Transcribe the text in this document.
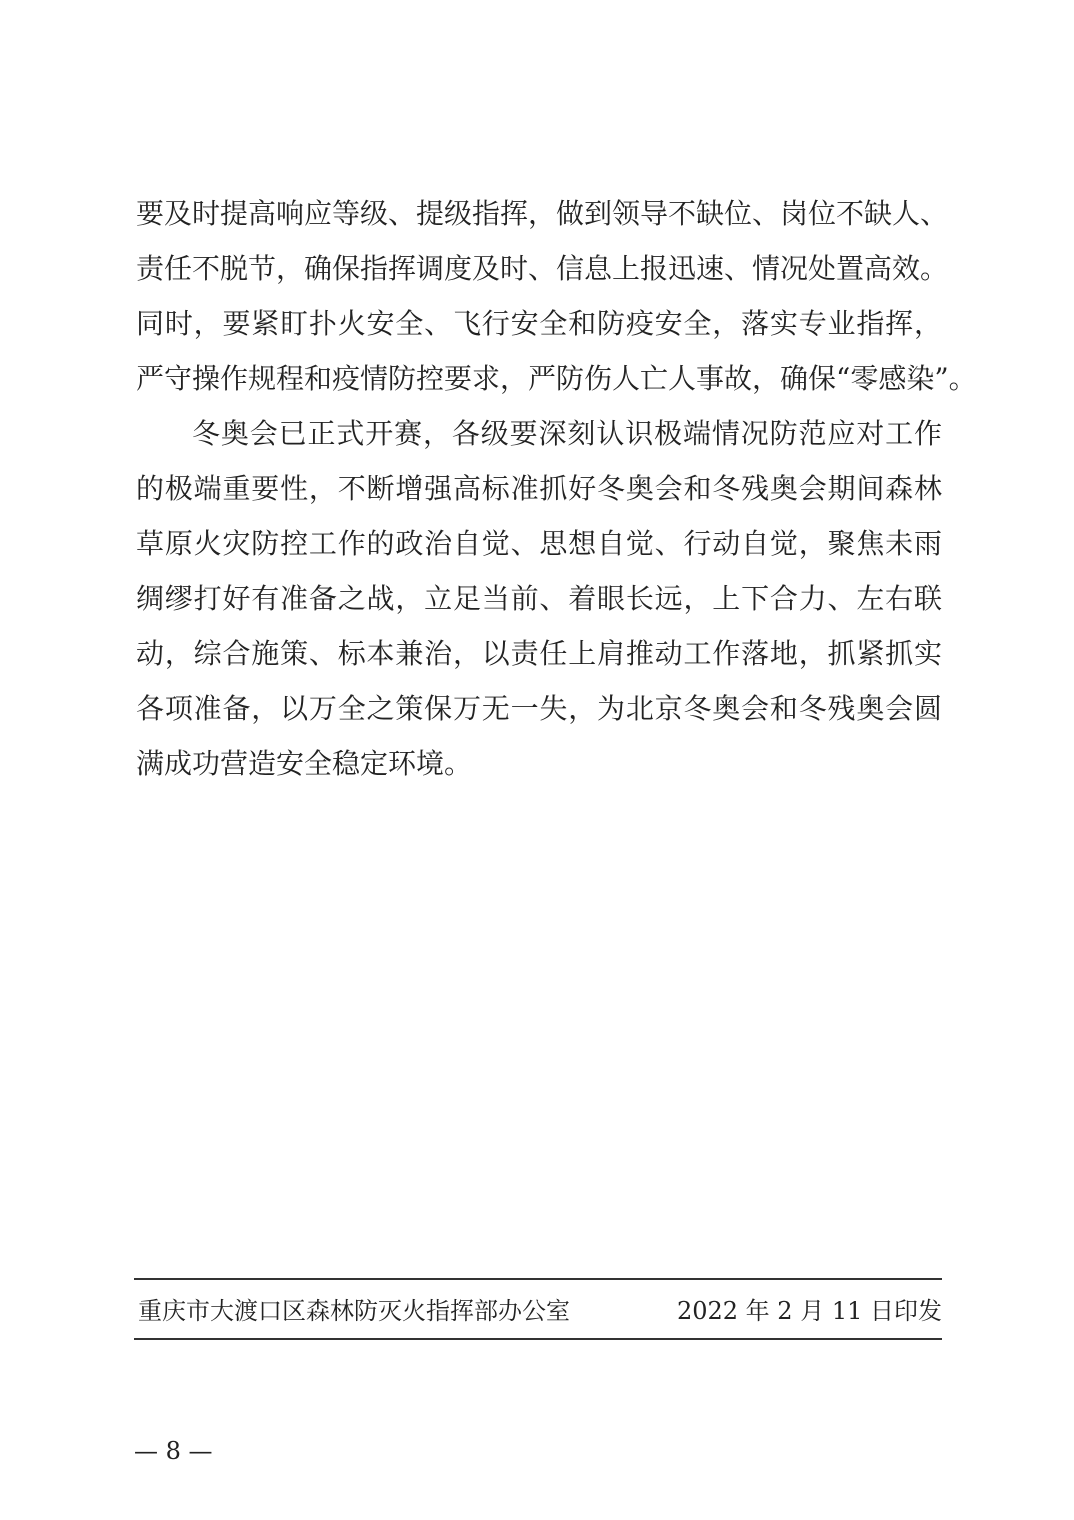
要及时提高响应等级、提级指挥，做到领导不缺位、岗位不缺人、
责任不脱节，确保指挥调度及时、信息上报迅速、情况处置高效。
同时，要紧盯扑火安全、飞行安全和防疫安全，落实专业指挥，
严守操作规程和疫情防控要求，严防伤人亡人事故，确保“零感染”。
冬奥会已正式开赛，各级要深刻认识极端情况防范应对工作
的极端重要性，不断增强高标准抓好冬奥会和冬残奥会期间森林
草原火灾防控工作的政治自觉、思想自觉、行动自觉，聚焦未雨
绸缪打好有准备之战，立足当前、着眼长远，上下合力、左右联
动，综合施策、标本兼治，以责任上肩推动工作落地，抓紧抓实
各项准备，以万全之策保万无一失，为北京冬奥会和冬残奥会圆
满成功营造安全稳定环境。
重庆市大渡口区森林防灭火指挥部办公室	2022 年 2 月 11 日印发
— 8 —
